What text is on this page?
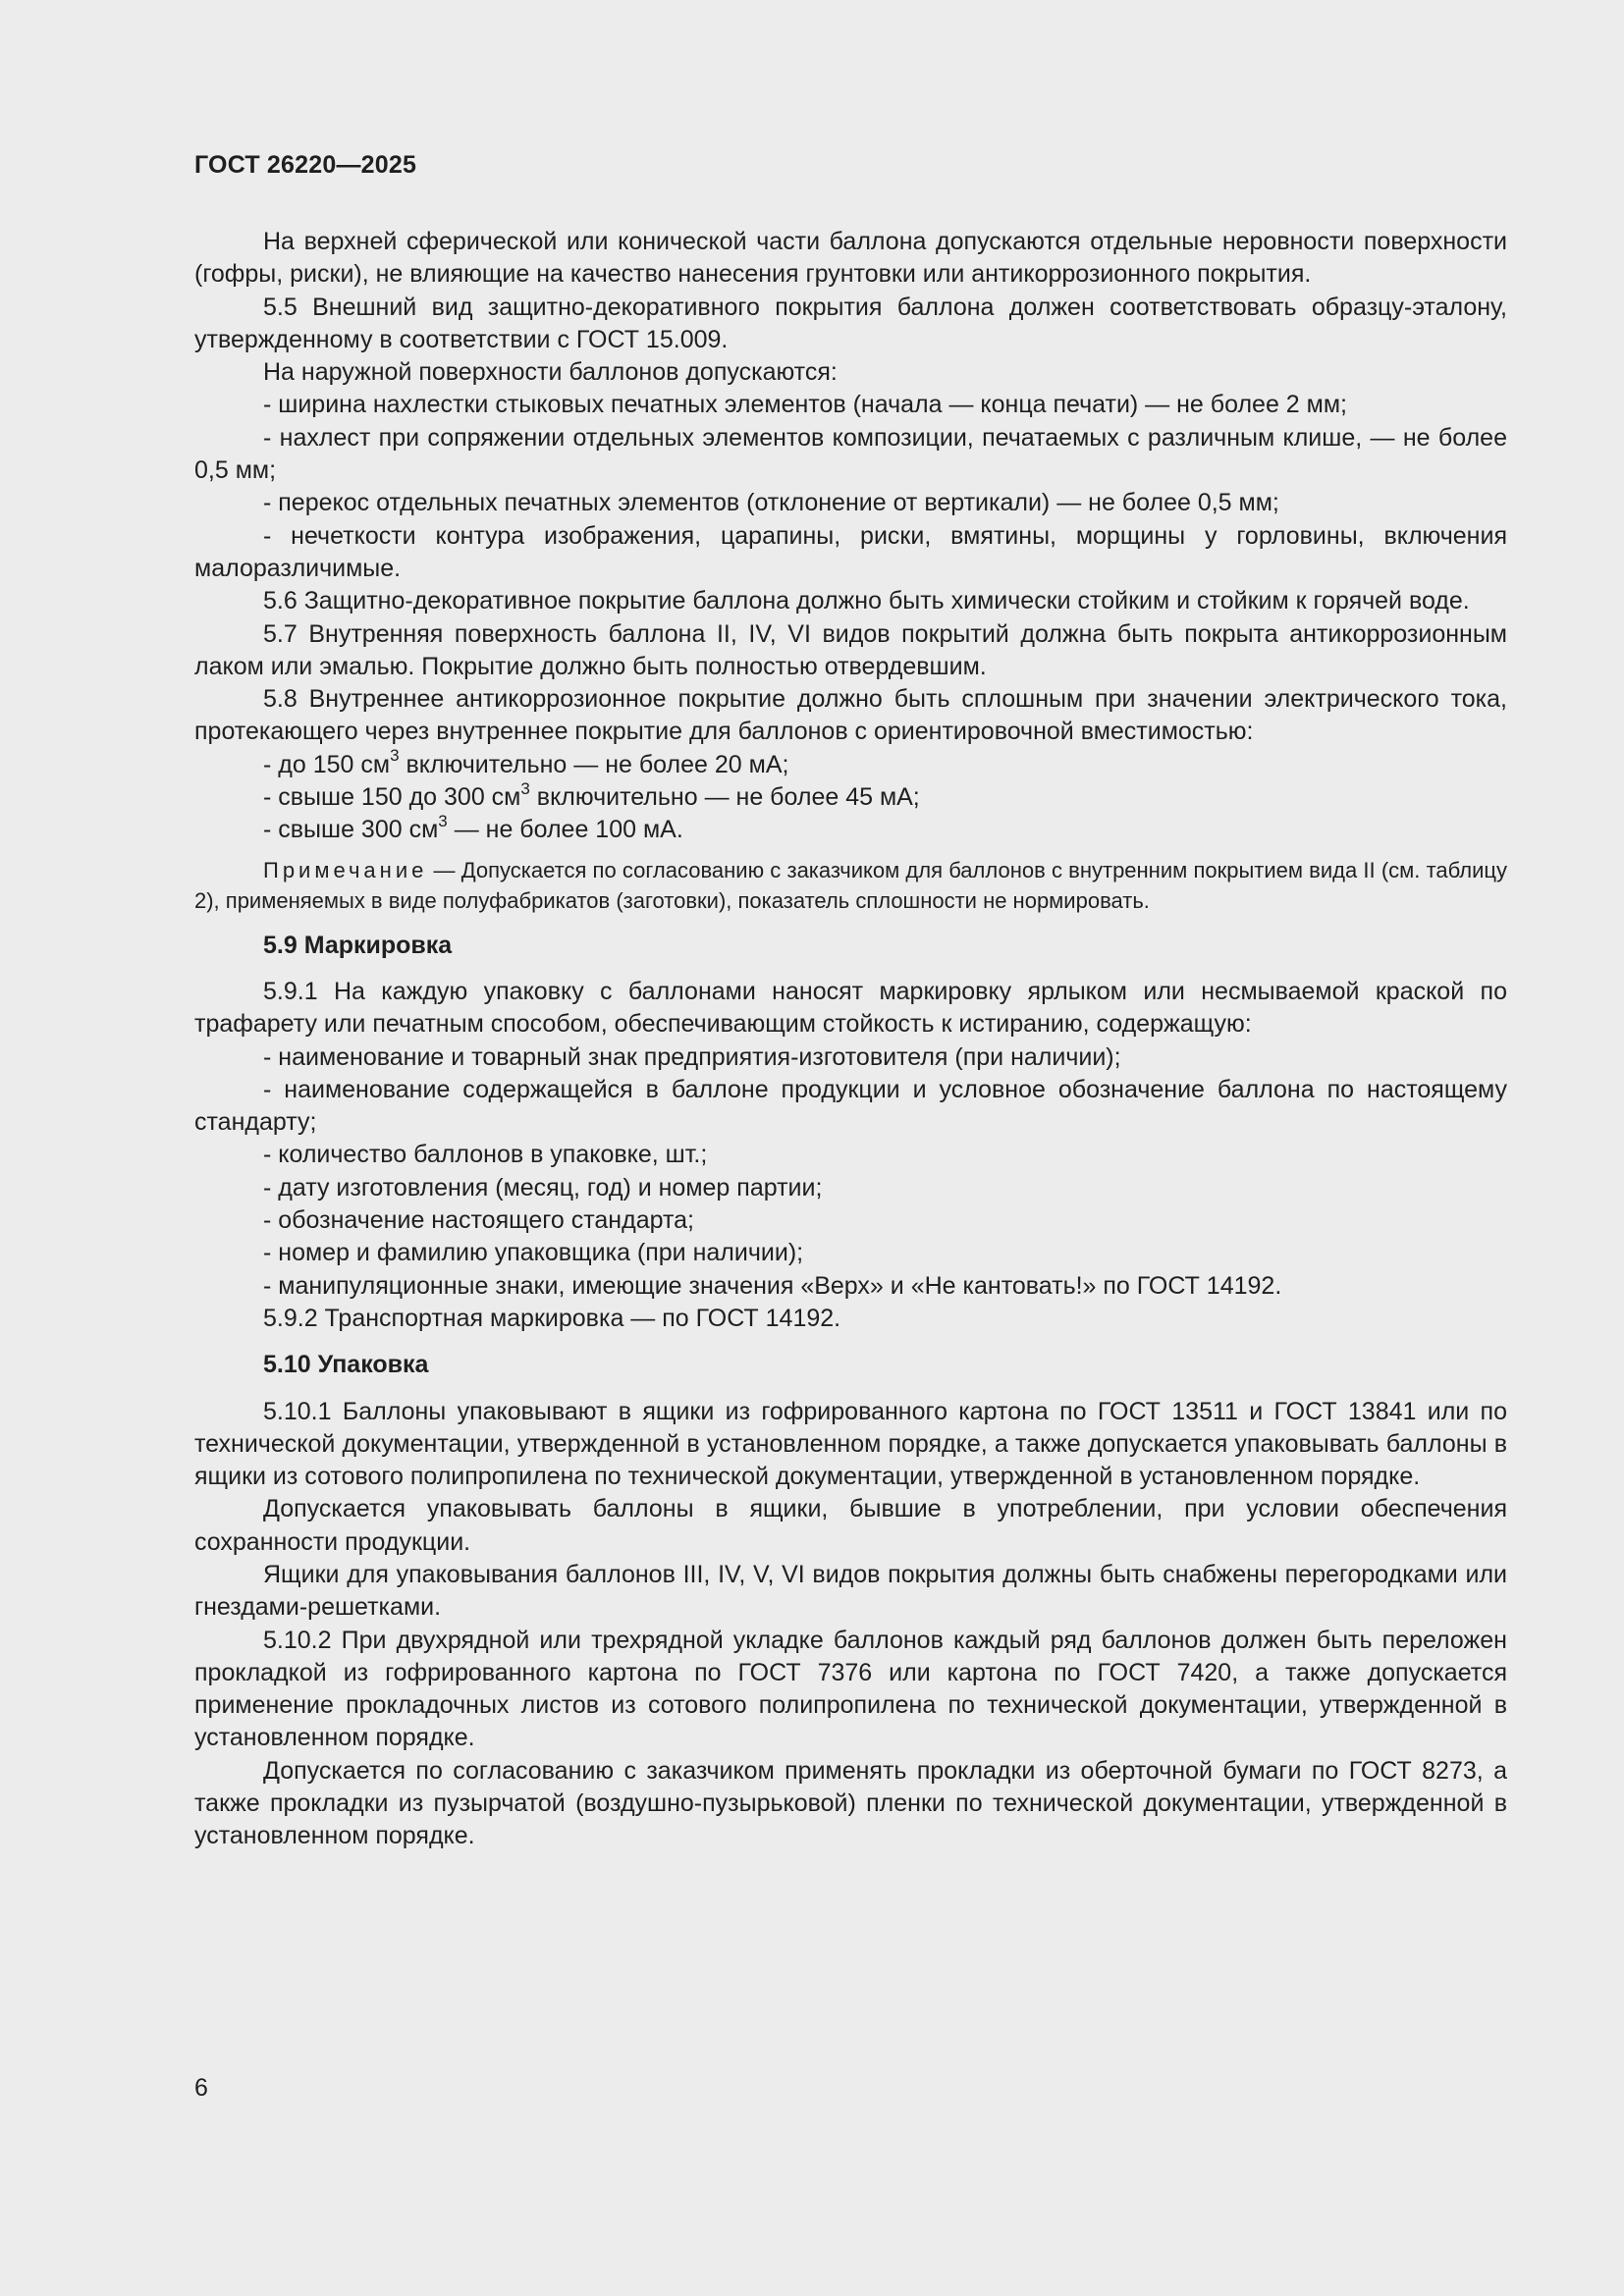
ГОСТ 26220—2025

На верхней сферической или конической части баллона допускаются отдельные неровности поверхности (гофры, риски), не влияющие на качество нанесения грунтовки или антикоррозионного покрытия.

5.5 Внешний вид защитно-декоративного покрытия баллона должен соответствовать образцу-эталону, утвержденному в соответствии с ГОСТ 15.009.

На наружной поверхности баллонов допускаются:

- ширина нахлестки стыковых печатных элементов (начала — конца печати) — не более 2 мм;

- нахлест при сопряжении отдельных элементов композиции, печатаемых с различным клише, — не более 0,5 мм;

- перекос отдельных печатных элементов (отклонение от вертикали) — не более 0,5 мм;

- нечеткости контура изображения, царапины, риски, вмятины, морщины у горловины, включения малоразличимые.

5.6 Защитно-декоративное покрытие баллона должно быть химически стойким и стойким к горячей воде.

5.7 Внутренняя поверхность баллона II, IV, VI видов покрытий должна быть покрыта антикоррозионным лаком или эмалью. Покрытие должно быть полностью отвердевшим.

5.8 Внутреннее антикоррозионное покрытие должно быть сплошным при значении электрического тока, протекающего через внутреннее покрытие для баллонов с ориентировочной вместимостью:

- до 150 $см^3$ включительно — не более 20 мА;

- свыше 150 до 300 $см^3$ включительно — не более 45 мА;

- свыше 300 $см^3$ — не более 100 мА.

Примечание — Допускается по согласованию с заказчиком для баллонов с внутренним покрытием вида II (см. таблицу 2), применяемых в виде полуфабрикатов (заготовки), показатель сплошности не нормировать.

5.9 Маркировка

5.9.1 На каждую упаковку с баллонами наносят маркировку ярлыком или несмываемой краской по трафарету или печатным способом, обеспечивающим стойкость к истиранию, содержащую:

- наименование и товарный знак предприятия-изготовителя (при наличии);

- наименование содержащейся в баллоне продукции и условное обозначение баллона по настоящему стандарту;

- количество баллонов в упаковке, шт.;

- дату изготовления (месяц, год) и номер партии;

- обозначение настоящего стандарта;

- номер и фамилию упаковщика (при наличии);

- манипуляционные знаки, имеющие значения «Верх» и «Не кантовать!» по ГОСТ 14192.

5.9.2 Транспортная маркировка — по ГОСТ 14192.

5.10 Упаковка

5.10.1 Баллоны упаковывают в ящики из гофрированного картона по ГОСТ 13511 и ГОСТ 13841 или по технической документации, утвержденной в установленном порядке, а также допускается упаковывать баллоны в ящики из сотового полипропилена по технической документации, утвержденной в установленном порядке.

Допускается упаковывать баллоны в ящики, бывшие в употреблении, при условии обеспечения сохранности продукции.

Ящики для упаковывания баллонов III, IV, V, VI видов покрытия должны быть снабжены перегородками или гнездами-решетками.

5.10.2 При двухрядной или трехрядной укладке баллонов каждый ряд баллонов должен быть переложен прокладкой из гофрированного картона по ГОСТ 7376 или картона по ГОСТ 7420, а также допускается применение прокладочных листов из сотового полипропилена по технической документации, утвержденной в установленном порядке.

Допускается по согласованию с заказчиком применять прокладки из оберточной бумаги по ГОСТ 8273, а также прокладки из пузырчатой (воздушно-пузырьковой) пленки по технической документации, утвержденной в установленном порядке.

6
